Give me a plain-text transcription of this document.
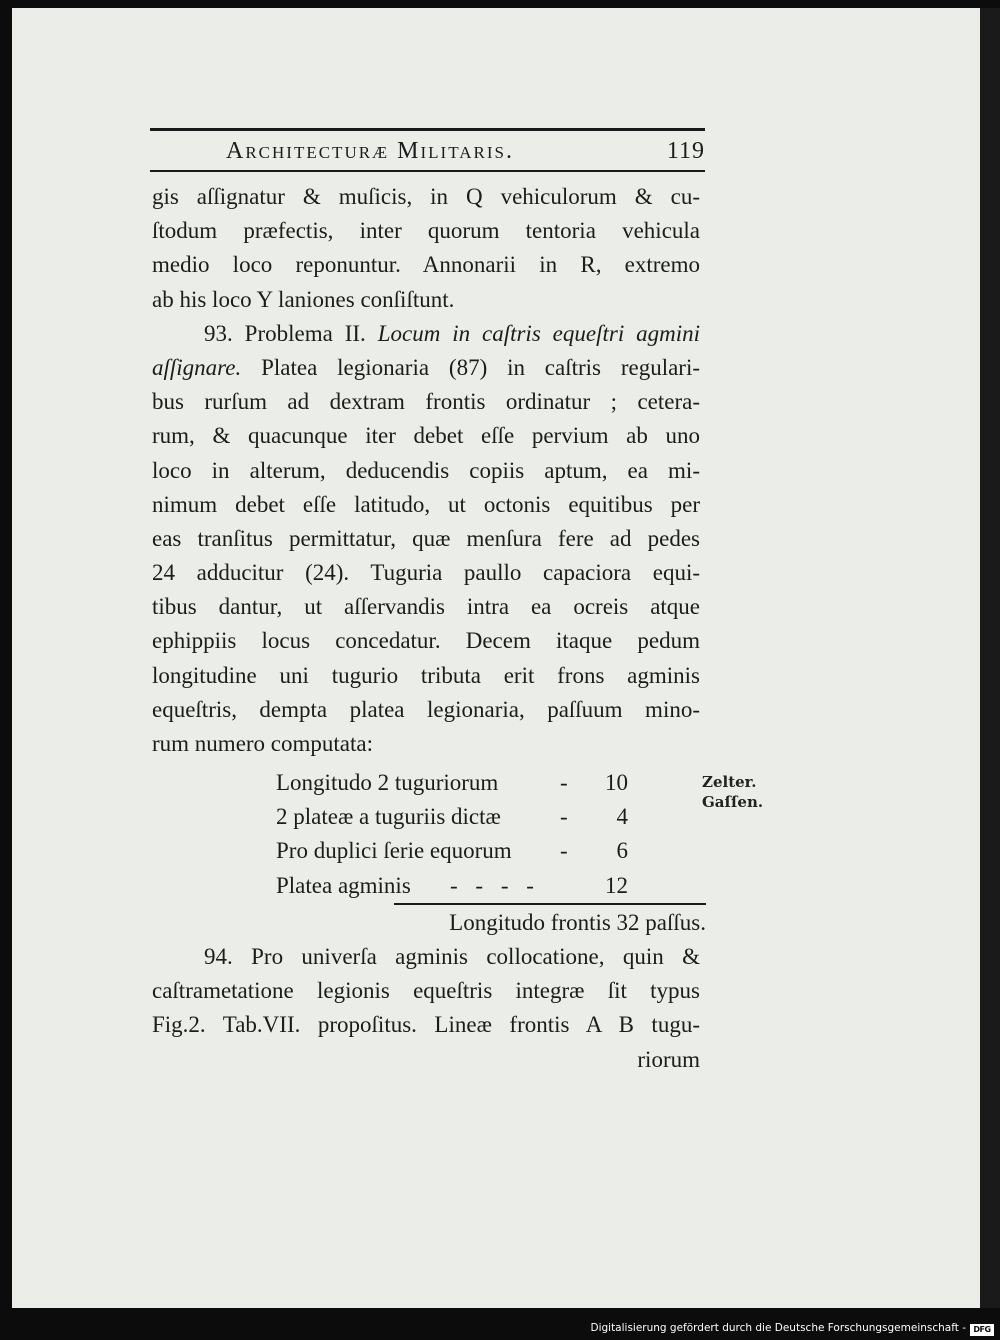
Architecturæ Militaris.	119
gis aſſignatur & muſicis, in Q vehiculorum & cu-
ſtodum præfectis, inter quorum tentoria vehicula
medio loco reponuntur. Annonarii in R, extremo
ab his loco Y laniones conſiſtunt.
93. Problema II. Locum in caſtris equeſtri agmini
aſſignare. Platea legionaria (87) in caſtris regulari-
bus rurſum ad dextram frontis ordinatur ; cetera-
rum, & quacunque iter debet eſſe pervium ab uno
loco in alterum, deducendis copiis aptum, ea mi-
nimum debet eſſe latitudo, ut octonis equitibus per
eas tranſitus permittatur, quæ menſura fere ad pedes
24 adducitur (24). Tuguria paullo capaciora equi-
tibus dantur, ut aſſervandis intra ea ocreis atque
ephippiis locus concedatur. Decem itaque pedum
longitudine uni tugurio tributa erit frons agminis
equeſtris, dempta platea legionaria, paſſuum mino-
rum numero computata:
Longitudo 2 tuguriorum	-	10
2 plateæ a tuguriis dictæ	-	4
Pro duplici ſerie equorum -	6
Platea agminis - - - -	12
Longitudo frontis 32 paſſus.
94. Pro univerſa agminis collocatione, quin &
caſtrametatione legionis equeſtris integræ ſit typus
Fig.2. Tab.VII. propoſitus. Lineæ frontis A B tugu-
riorum
Zelter.
Gaſſen.
Digitalisierung gefördert durch die Deutsche Forschungsgemeinschaft - DFG
